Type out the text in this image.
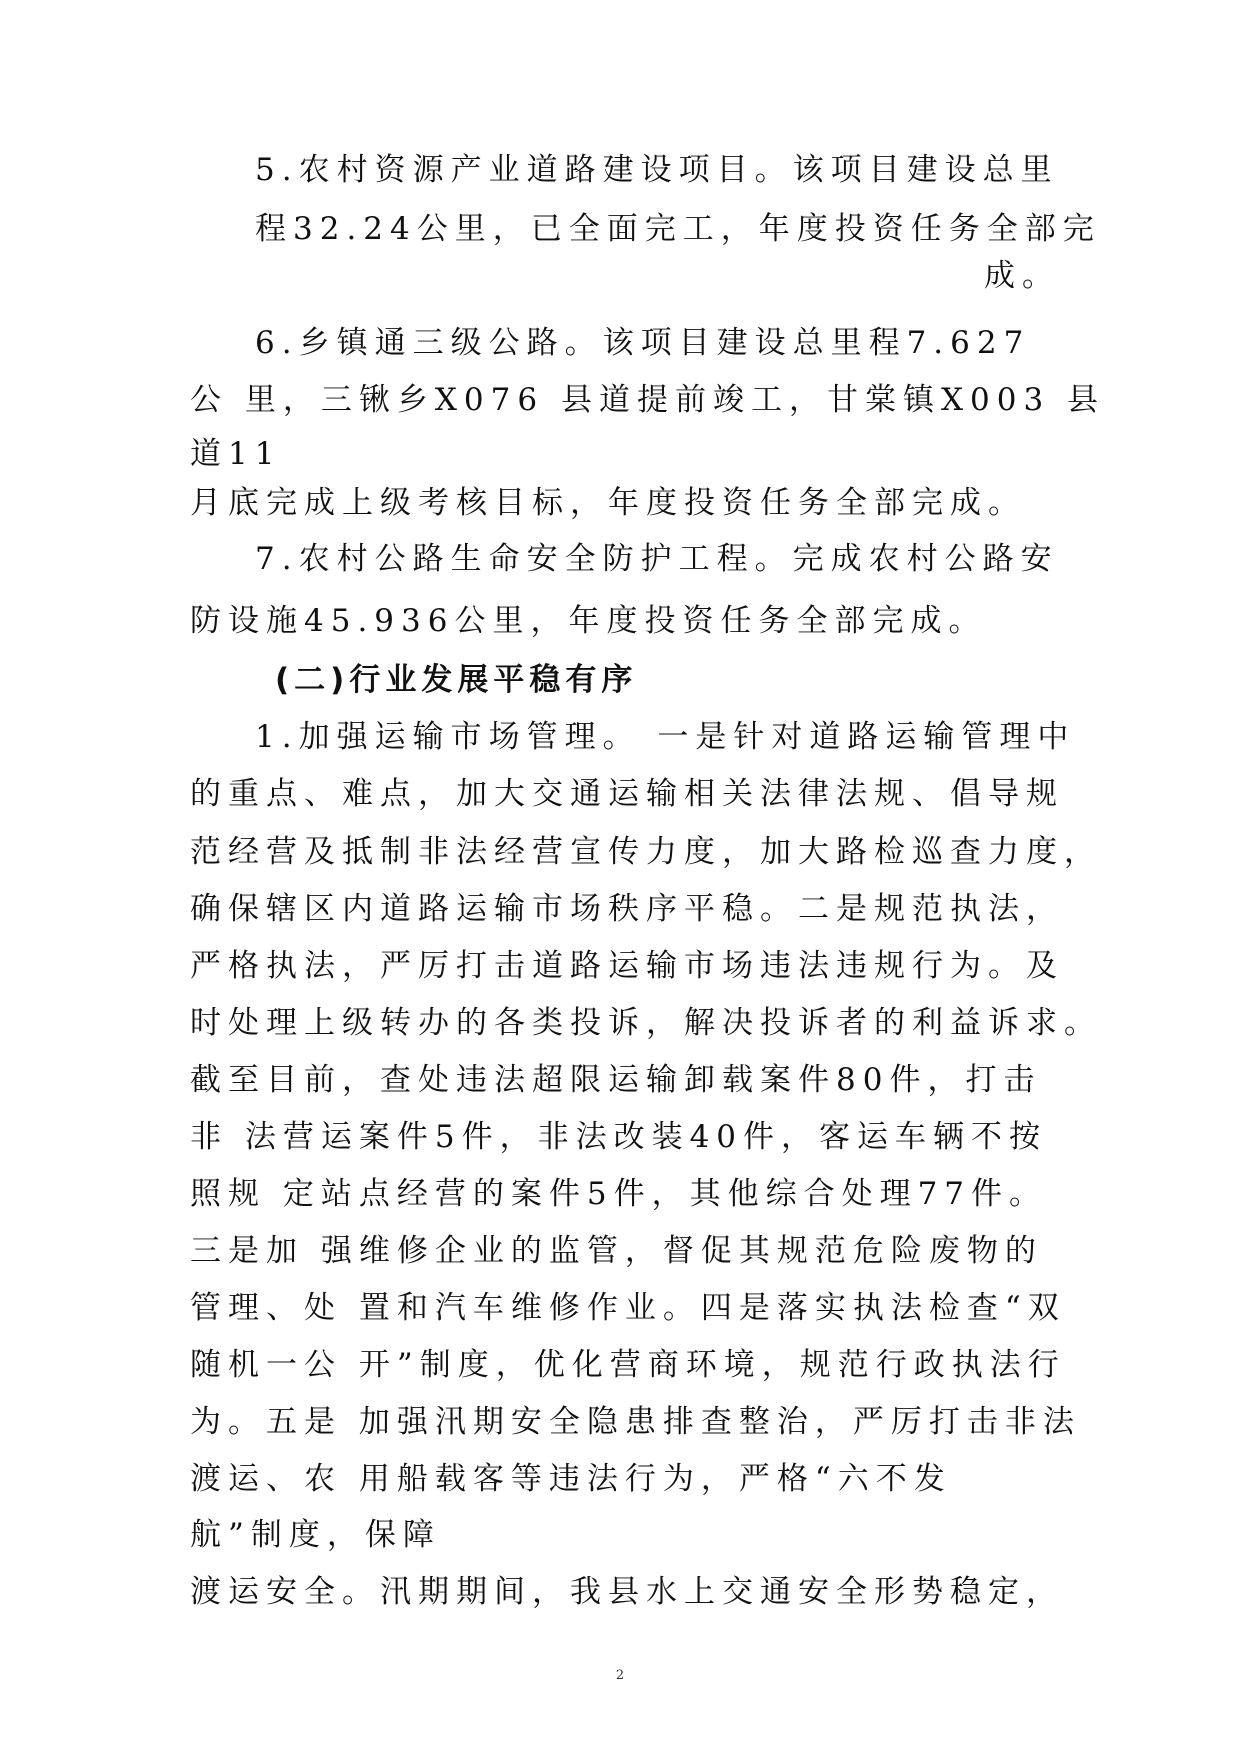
5.农村资源产业道路建设项目。该项目建设总里
程32.24公里，已全面完工，年度投资任务全部完
成。
6.乡镇通三级公路。该项目建设总里程7.627
公 里，三锹乡X076 县道提前竣工，甘棠镇X003 县
道11
月底完成上级考核目标，年度投资任务全部完成。
7.农村公路生命安全防护工程。完成农村公路安
防设施45.936公里，年度投资任务全部完成。
(二)行业发展平稳有序
1.加强运输市场管理。 一是针对道路运输管理中
的重点、难点，加大交通运输相关法律法规、倡导规
范经营及抵制非法经营宣传力度，加大路检巡查力度，
确保辖区内道路运输市场秩序平稳。二是规范执法，
严格执法，严厉打击道路运输市场违法违规行为。及
时处理上级转办的各类投诉，解决投诉者的利益诉求。
截至目前，查处违法超限运输卸载案件80件，打击
非 法营运案件5件，非法改装40件，客运车辆不按
照规 定站点经营的案件5件，其他综合处理77件。
三是加 强维修企业的监管，督促其规范危险废物的
管理、处 置和汽车维修作业。四是落实执法检查“双
随机一公 开”制度，优化营商环境，规范行政执法行
为。五是 加强汛期安全隐患排查整治，严厉打击非法
渡运、农 用船载客等违法行为，严格“六不发
航”制度，保障
渡运安全。汛期期间，我县水上交通安全形势稳定，
2
